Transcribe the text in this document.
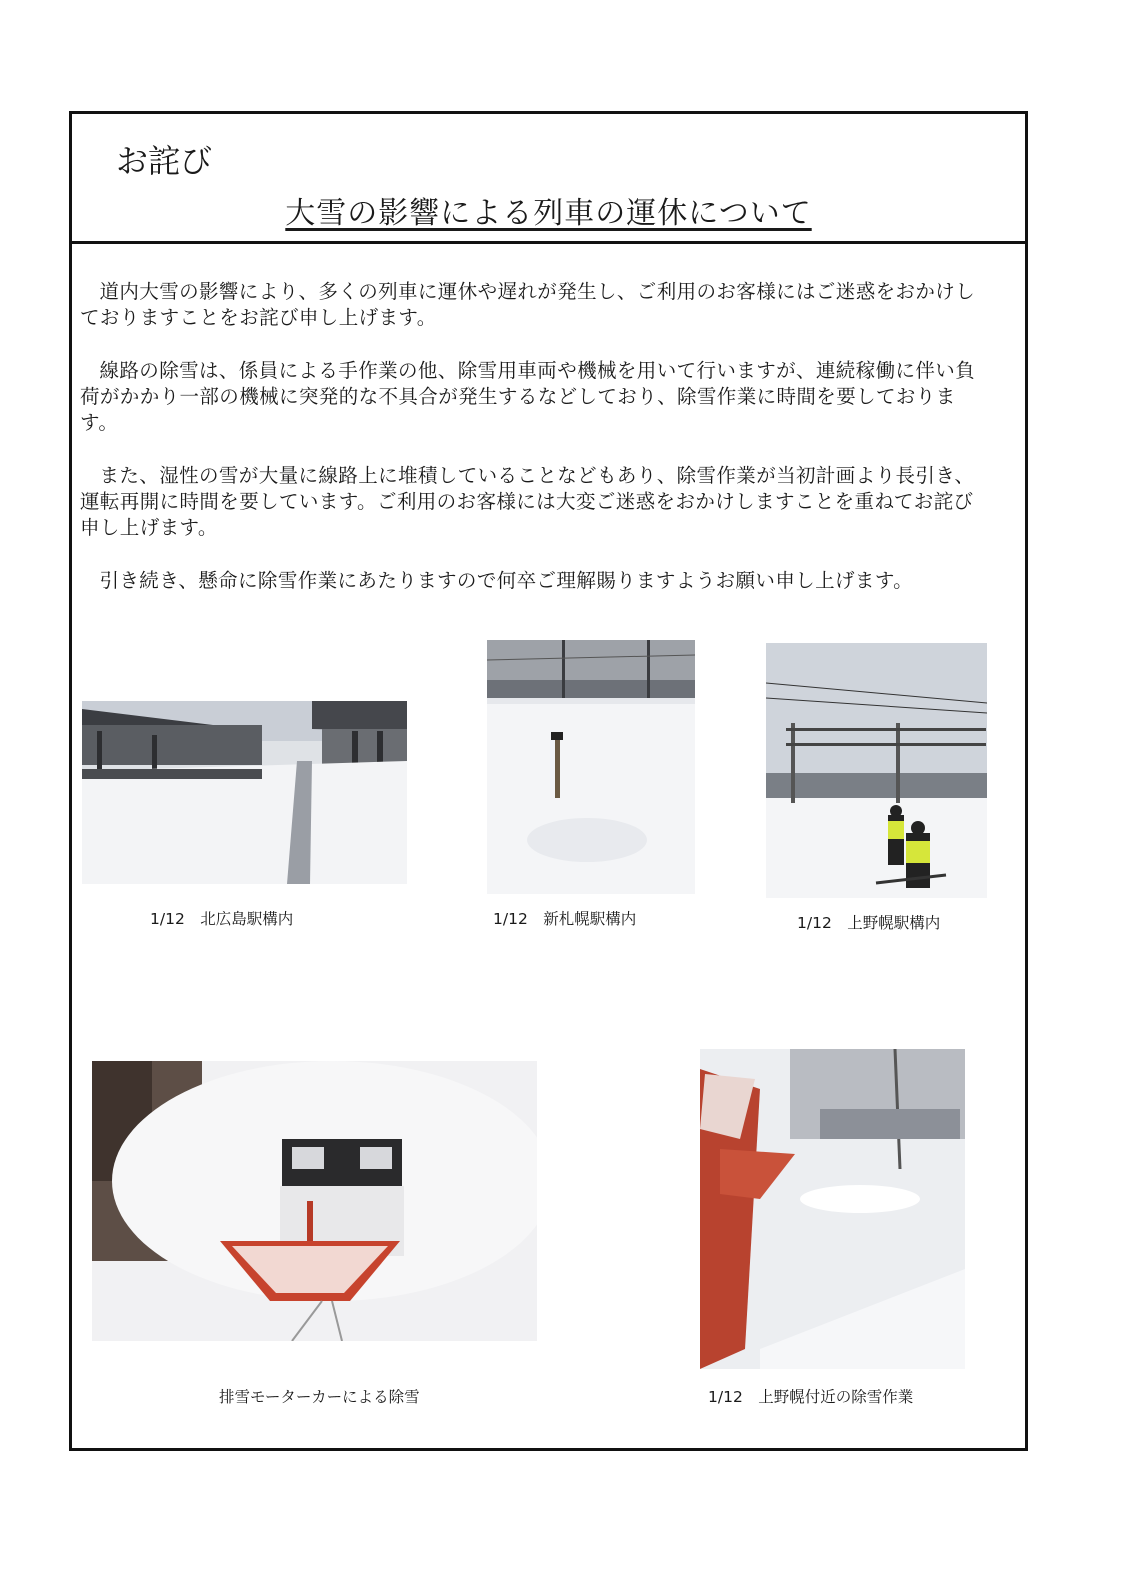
お詫び
大雪の影響による列車の運休について

道内大雪の影響により、多くの列車に運休や遅れが発生し、ご利用のお客様にはご迷惑をおかけしておりますことをお詫び申し上げます。

線路の除雪は、係員による手作業の他、除雪用車両や機械を用いて行いますが、連続稼働に伴い負荷がかかり一部の機械に突発的な不具合が発生するなどしており、除雪作業に時間を要しております。

また、湿性の雪が大量に線路上に堆積していることなどもあり、除雪作業が当初計画より長引き、運転再開に時間を要しています。ご利用のお客様には大変ご迷惑をおかけしますことを重ねてお詫び申し上げます。

引き続き、懸命に除雪作業にあたりますので何卒ご理解賜りますようお願い申し上げます。

1/12　北広島駅構内	1/12　新札幌駅構内	1/12　上野幌駅構内
排雪モーターカーによる除雪	1/12　上野幌付近の除雪作業
